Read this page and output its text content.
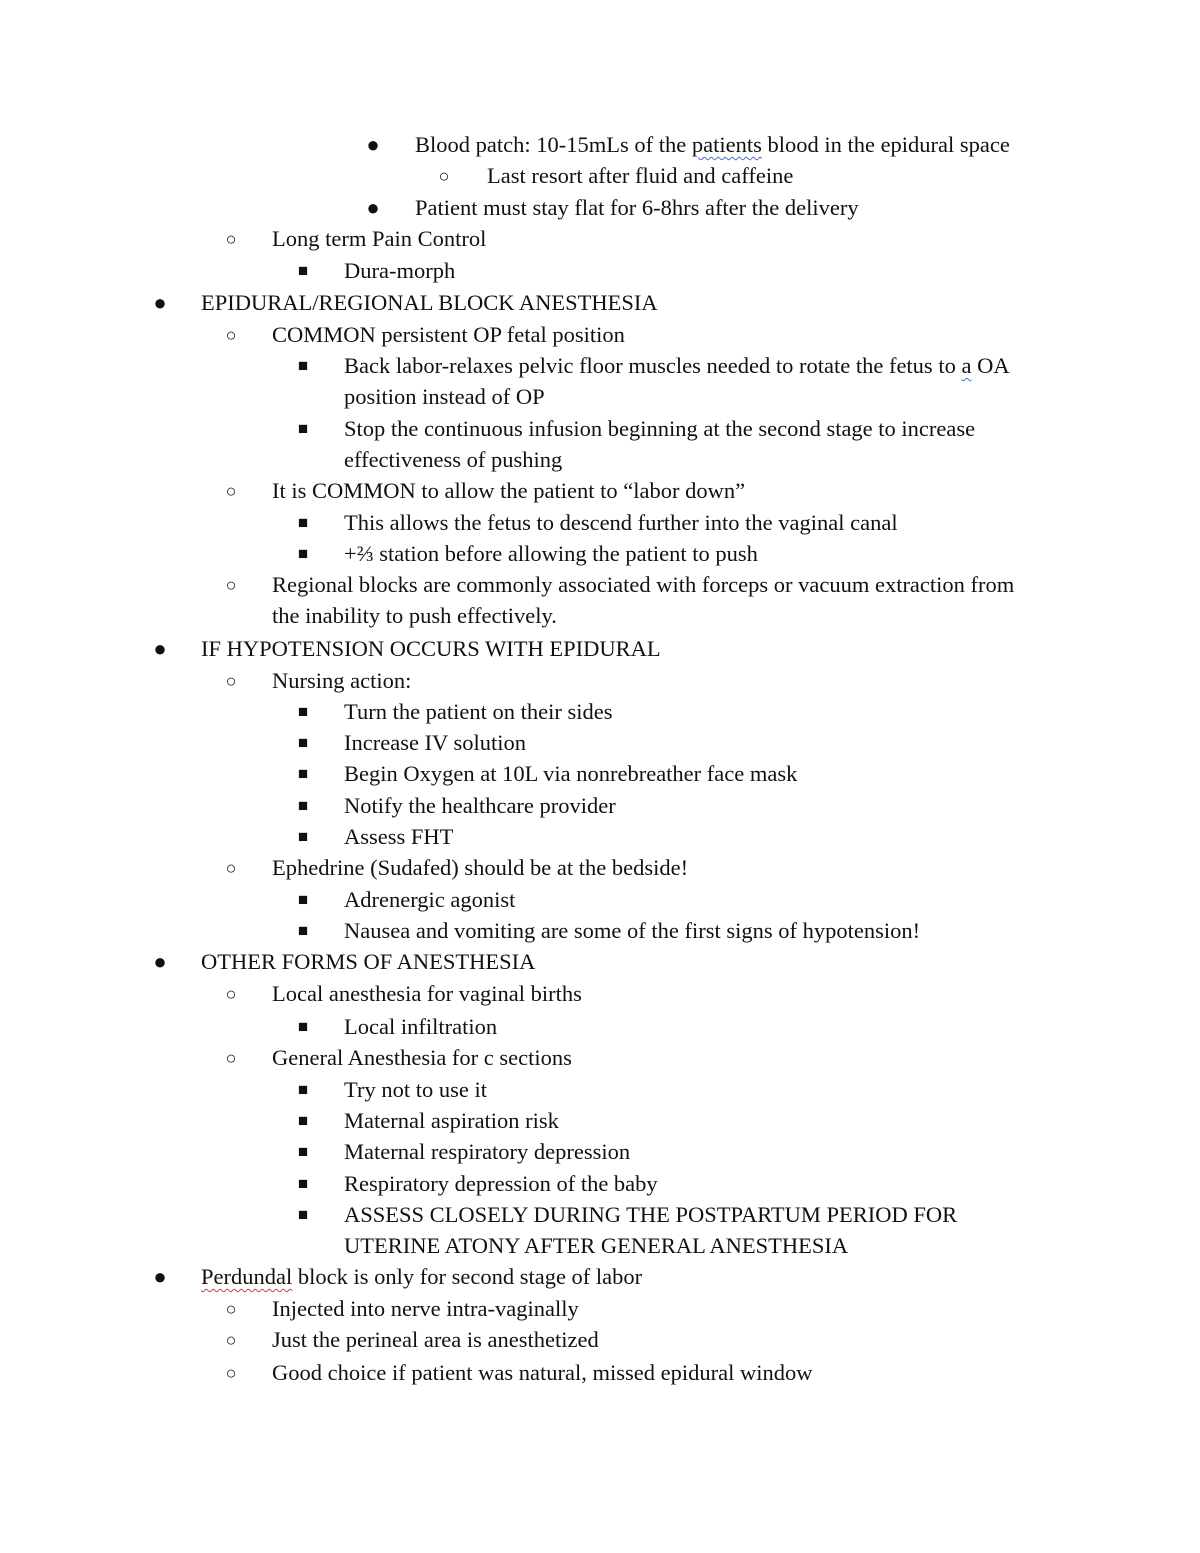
● Blood patch: 10-15mLs of the patients blood in the epidural space
○ Last resort after fluid and caffeine
● Patient must stay flat for 6-8hrs after the delivery
○ Long term Pain Control
■	Dura-morph
● EPIDURAL/REGIONAL BLOCK ANESTHESIA
○ COMMON persistent OP fetal position
■	Back labor-relaxes pelvic floor muscles needed to rotate the fetus to a OA
position instead of OP
■	Stop the continuous infusion beginning at the second stage to increase
effectiveness of pushing
○ It is COMMON to allow the patient to “labor down”
■	This allows the fetus to descend further into the vaginal canal
■	+⅔ station before allowing the patient to push
○ Regional blocks are commonly associated with forceps or vacuum extraction from
the inability to push effectively.
● IF HYPOTENSION OCCURS WITH EPIDURAL
○ Nursing action:
■	Turn the patient on their sides
■	Increase IV solution
■	Begin Oxygen at 10L via nonrebreather face mask
■	Notify the healthcare provider
■	Assess FHT
○ Ephedrine (Sudafed) should be at the bedside!
■	Adrenergic agonist
■	Nausea and vomiting are some of the first signs of hypotension!
● OTHER FORMS OF ANESTHESIA
○ Local anesthesia for vaginal births
■	Local infiltration
○ General Anesthesia for c sections
■	Try not to use it
■	Maternal aspiration risk
■	Maternal respiratory depression
■	Respiratory depression of the baby
■	ASSESS CLOSELY DURING THE POSTPARTUM PERIOD FOR
UTERINE ATONY AFTER GENERAL ANESTHESIA
● Perdundal block is only for second stage of labor
○ Injected into nerve intra-vaginally
○ Just the perineal area is anesthetized
○ Good choice if patient was natural, missed epidural window
